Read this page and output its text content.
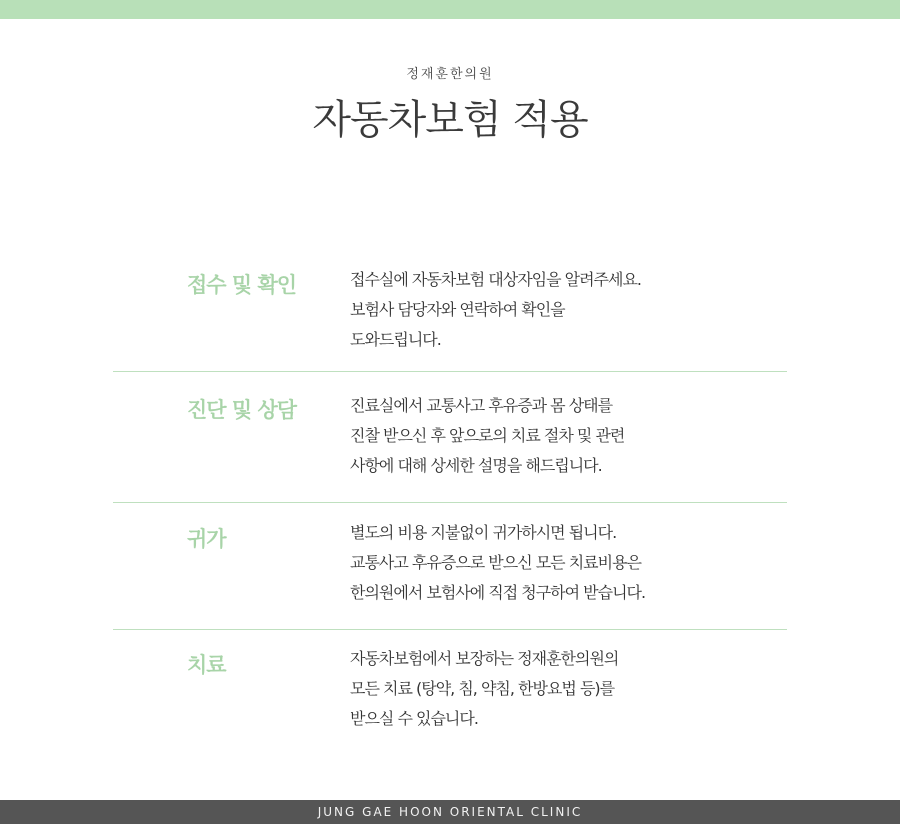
정재훈한의원
자동차보험 적용
접수 및 확인	접수실에 자동차보험 대상자임을 알려주세요.
보험사 담당자와 연락하여 확인을
도와드립니다.
진단 및 상담	진료실에서 교통사고 후유증과 몸 상태를
진찰 받으신 후 앞으로의 치료 절차 및 관련
사항에 대해 상세한 설명을 해드립니다.
귀가	별도의 비용 지불없이 귀가하시면 됩니다.
교통사고 후유증으로 받으신 모든 치료비용은
한의원에서 보험사에 직접 청구하여 받습니다.
치료	자동차보험에서 보장하는 정재훈한의원의
모든 치료 (탕약, 침, 약침, 한방요법 등)를
받으실 수 있습니다.
JUNG GAE HOON ORIENTAL CLINIC
